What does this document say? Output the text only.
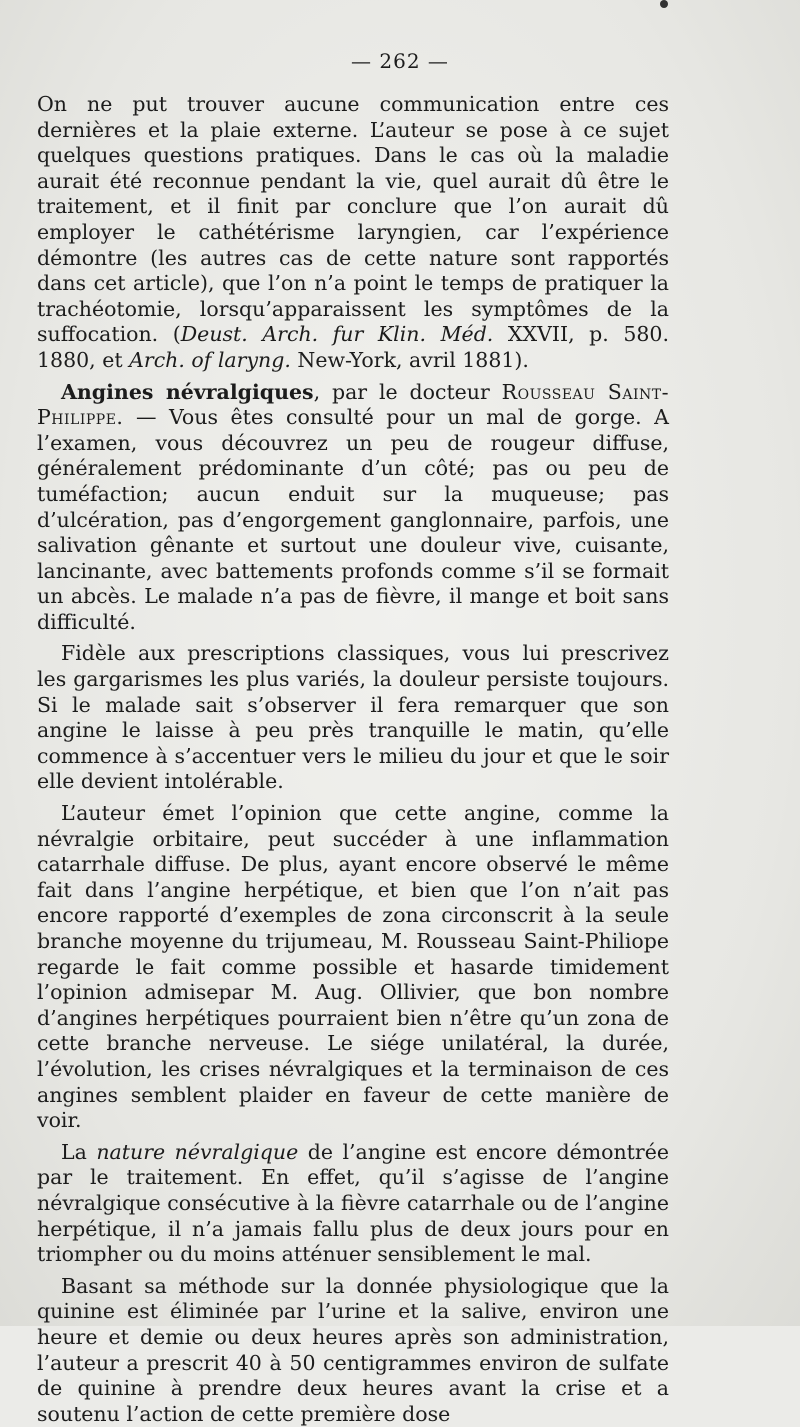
— 262 —

On ne put trouver aucune communication entre ces dernières et la plaie externe. L’auteur se pose à ce sujet quelques questions pratiques. Dans le cas où la maladie aurait été reconnue pendant la vie, quel aurait dû être le traitement, et il finit par conclure que l’on aurait dû employer le cathétérisme laryngien, car l’expérience démontre (les autres cas de cette nature sont rapportés dans cet article), que l’on n’a point le temps de pratiquer la trachéotomie, lorsqu’apparaissent les symptômes de la suffocation. (Deust. Arch. fur Klin. Méd. XXVII, p. 580. 1880, et Arch. of laryng. New-York, avril 1881).

Angines névralgiques, par le docteur Rousseau Saint-Philippe. — Vous êtes consulté pour un mal de gorge. A l’examen, vous découvrez un peu de rougeur diffuse, généralement prédominante d’un côté; pas ou peu de tuméfaction; aucun enduit sur la muqueuse; pas d’ulcération, pas d’engorgement ganglonnaire, parfois, une salivation gênante et surtout une douleur vive, cuisante, lancinante, avec battements profonds comme s’il se formait un abcès. Le malade n’a pas de fièvre, il mange et boit sans difficulté.

Fidèle aux prescriptions classiques, vous lui prescrivez les gargarismes les plus variés, la douleur persiste toujours. Si le malade sait s’observer il fera remarquer que son angine le laisse à peu près tranquille le matin, qu’elle commence à s’accentuer vers le milieu du jour et que le soir elle devient intolérable.

L’auteur émet l’opinion que cette angine, comme la névralgie orbitaire, peut succéder à une inflammation catarrhale diffuse. De plus, ayant encore observé le même fait dans l’angine herpétique, et bien que l’on n’ait pas encore rapporté d’exemples de zona circonscrit à la seule branche moyenne du trijumeau, M. Rousseau Saint-Philiope regarde le fait comme possible et hasarde timidement l’opinion admisepar M. Aug. Ollivier, que bon nombre d’angines herpétiques pourraient bien n’être qu’un zona de cette branche nerveuse. Le siége unilatéral, la durée, l’évolution, les crises névralgiques et la terminaison de ces angines semblent plaider en faveur de cette manière de voir.

La nature névralgique de l’angine est encore démontrée par le traitement. En effet, qu’il s’agisse de l’angine névralgique consécutive à la fièvre catarrhale ou de l’angine herpétique, il n’a jamais fallu plus de deux jours pour en triompher ou du moins atténuer sensiblement le mal.

Basant sa méthode sur la donnée physiologique que la quinine est éliminée par l’urine et la salive, environ une heure et demie ou deux heures après son administration, l’auteur a prescrit 40 à 50 centigrammes environ de sulfate de quinine à prendre deux heures avant la crise et a soutenu l’action de cette première dose
